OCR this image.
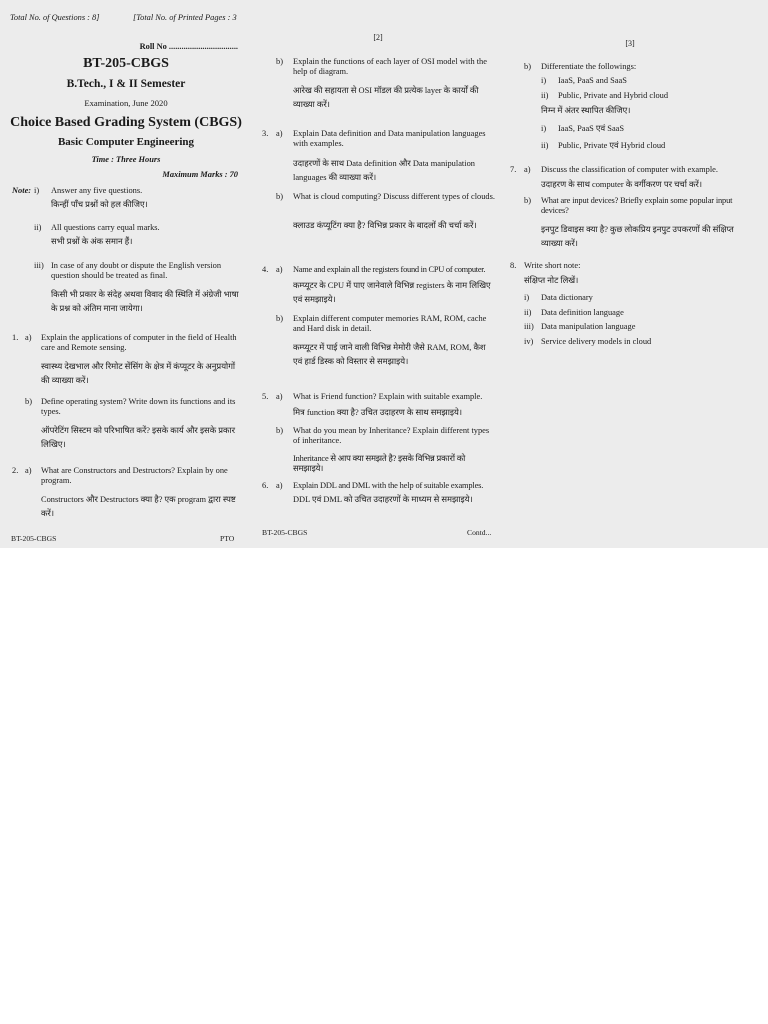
Total No. of Questions : 8]	[Total No. of Printed Pages : 3
Roll No .................................
BT-205-CBGS
B.Tech., I & II Semester
Examination, June 2020
Choice Based Grading System (CBGS)
Basic Computer Engineering
Time : Three Hours
Maximum Marks : 70
Note: i) Answer any five questions.
किन्हीं पाँच प्रश्नों को हल कीजिए।
ii) All questions carry equal marks.
सभी प्रश्नों के अंक समान हैं।
iii) In case of any doubt or dispute the English version question should be treated as final.
किसी भी प्रकार के संदेह अथवा विवाद की स्थिति में अंग्रेजी भाषा के प्रश्न को अंतिम माना जायेगा।
1. a) Explain the applications of computer in the field of Health care and Remote sensing.
स्वास्थ्य देखभाल और रिमोट सेंसिंग के क्षेत्र में कंप्यूटर के अनुप्रयोगों की व्याख्या करें।
b) Define operating system? Write down its functions and its types.
ऑपरेटिंग सिस्टम को परिभाषित करें? इसके कार्य और इसके प्रकार लिखिए।
2. a) What are Constructors and Destructors? Explain by one program.
Constructors और Destructors क्या है? एक program द्वारा स्पष्ट करें।
BT-205-CBGS	PTO
[2]
b) Explain the functions of each layer of OSI model with the help of diagram.
आरेख की सहायता से OSI मॉडल की प्रत्येक layer के कार्यों की व्याख्या करें।
3. a) Explain Data definition and Data manipulation languages with examples.
उदाहरणों के साथ Data definition और Data manipulation languages की व्याख्या करें।
b) What is cloud computing? Discuss different types of clouds.
क्लाउड कंप्यूटिंग क्या है? विभिन्न प्रकार के बादलों की चर्चा करें।
4. a) Name and explain all the registers found in CPU of computer.
कम्प्यूटर के CPU में पाए जानेवाले विभिन्न registers के नाम लिखिए एवं समझाइये।
b) Explain different computer memories RAM, ROM, cache and Hard disk in detail.
कम्प्यूटर में पाई जाने वाली विभिन्न मेमोरी जैसे RAM, ROM, कैश एवं हार्ड डिस्क को विस्तार से समझाइये।
5. a) What is Friend function? Explain with suitable example.
मित्र function क्या है? उचित उदाहरण के साथ समझाइये।
b) What do you mean by Inheritance? Explain different types of inheritance.
Inheritance से आप क्या समझते है? इसके विभिन्न प्रकारों को समझाइये।
6. a) Explain DDL and DML with the help of suitable examples.
DDL एवं DML को उचित उदाहरणों के माध्यम से समझाइये।
BT-205-CBGS	Contd...
[3]
b) Differentiate the followings:
i) IaaS, PaaS and SaaS
ii) Public, Private and Hybrid cloud
निम्न में अंतर स्थापित कीजिए।
i) IaaS, PaaS एवं SaaS
ii) Public, Private एवं Hybrid cloud
7. a) Discuss the classification of computer with example.
उदाहरण के साथ computer के वर्गीकरण पर चर्चा करें।
b) What are input devices? Briefly explain some popular input devices?
इनपुट डिवाइस क्या है? कुछ लोकप्रिय इनपुट उपकरणों की संक्षिप्त व्याख्या करें।
8. Write short note:
संक्षिप्त नोट लिखें।
i) Data dictionary
ii) Data definition language
iii) Data manipulation language
iv) Service delivery models in cloud
